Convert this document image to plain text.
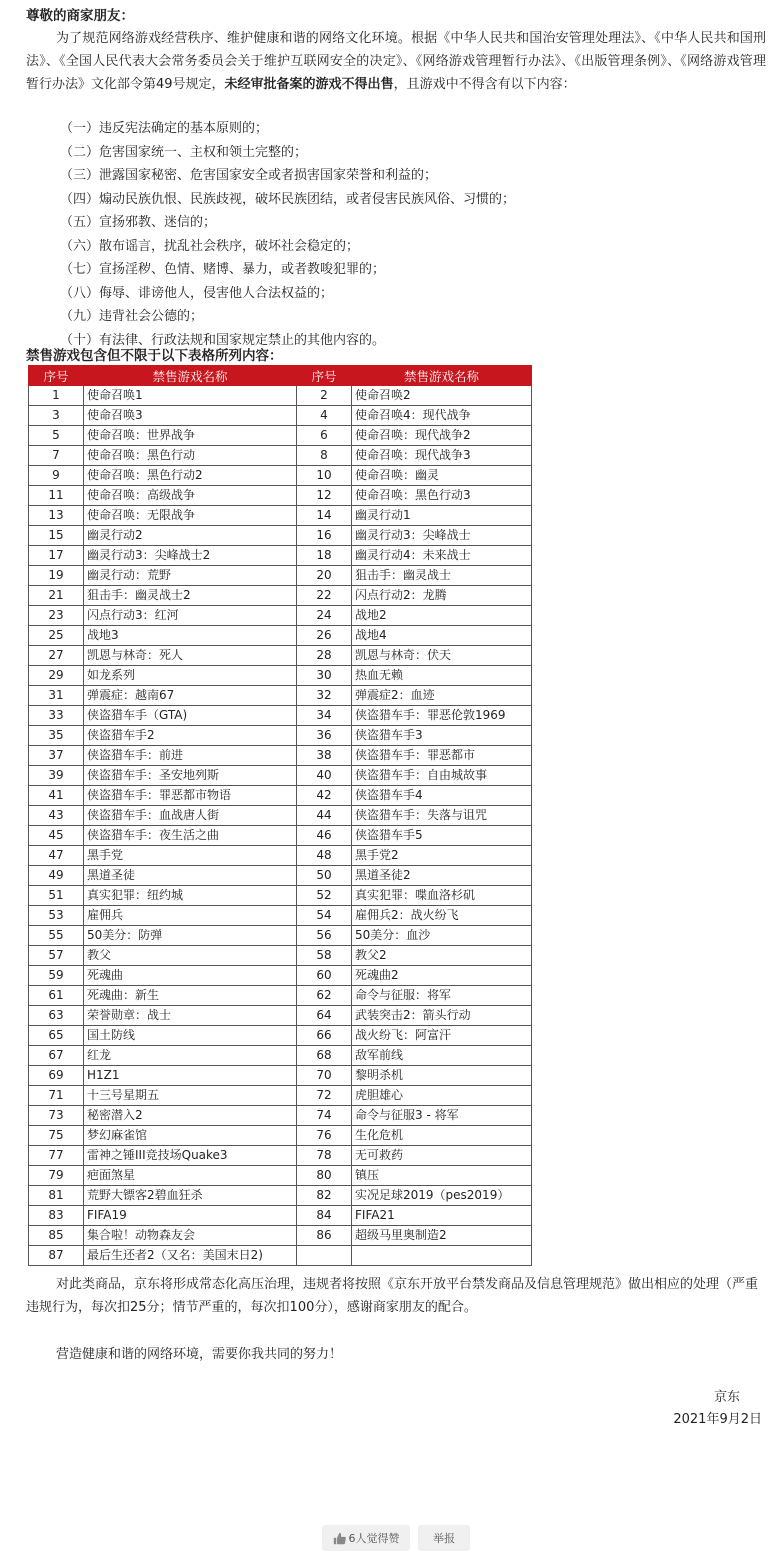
尊敬的商家朋友：
为了规范网络游戏经营秩序、维护健康和谐的网络文化环境。根据《中华人民共和国治安管理处理法》、《中华人民共和国刑法》、《全国人民代表大会常务委员会关于维护互联网安全的决定》、《网络游戏管理暂行办法》、《出版管理条例》、《网络游戏管理暂行办法》文化部令第49号规定，未经审批备案的游戏不得出售，且游戏中不得含有以下内容：
（一）违反宪法确定的基本原则的；
（二）危害国家统一、主权和领土完整的；
（三）泄露国家秘密、危害国家安全或者损害国家荣誉和利益的；
（四）煽动民族仇恨、民族歧视，破坏民族团结，或者侵害民族风俗、习惯的；
（五）宣扬邪教、迷信的；
（六）散布谣言，扰乱社会秩序，破坏社会稳定的；
（七）宣扬淫秽、色情、赌博、暴力，或者教唆犯罪的；
（八）侮辱、诽谤他人，侵害他人合法权益的；
（九）违背社会公德的；
（十）有法律、行政法规和国家规定禁止的其他内容的。
禁售游戏包含但不限于以下表格所列内容：
序号	禁售游戏名称	序号	禁售游戏名称
1	使命召唤1	2	使命召唤2
3	使命召唤3	4	使命召唤4：现代战争
5	使命召唤：世界战争	6	使命召唤：现代战争2
7	使命召唤：黑色行动	8	使命召唤：现代战争3
9	使命召唤：黑色行动2	10	使命召唤：幽灵
11	使命召唤：高级战争	12	使命召唤：黑色行动3
13	使命召唤：无限战争	14	幽灵行动1
15	幽灵行动2	16	幽灵行动3：尖峰战士
17	幽灵行动3：尖峰战士2	18	幽灵行动4：未来战士
19	幽灵行动：荒野	20	狙击手：幽灵战士
21	狙击手：幽灵战士2	22	闪点行动2：龙腾
23	闪点行动3：红河	24	战地2
25	战地3	26	战地4
27	凯恩与林奇：死人	28	凯恩与林奇：伏天
29	如龙系列	30	热血无赖
31	弹震症：越南67	32	弹震症2：血迹
33	侠盗猎车手（GTA)	34	侠盗猎车手：罪恶伦敦1969
35	侠盗猎车手2	36	侠盗猎车手3
37	侠盗猎车手：前进	38	侠盗猎车手：罪恶都市
39	侠盗猎车手：圣安地列斯	40	侠盗猎车手：自由城故事
41	侠盗猎车手：罪恶都市物语	42	侠盗猎车手4
43	侠盗猎车手：血战唐人街	44	侠盗猎车手：失落与诅咒
45	侠盗猎车手：夜生活之曲	46	侠盗猎车手5
47	黑手党	48	黑手党2
49	黑道圣徒	50	黑道圣徒2
51	真实犯罪：纽约城	52	真实犯罪：喋血洛杉矶
53	雇佣兵	54	雇佣兵2：战火纷飞
55	50美分：防弹	56	50美分：血沙
57	教父	58	教父2
59	死魂曲	60	死魂曲2
61	死魂曲：新生	62	命令与征服：将军
63	荣誉勋章：战士	64	武装突击2：箭头行动
65	国土防线	66	战火纷飞：阿富汗
67	红龙	68	敌军前线
69	H1Z1	70	黎明杀机
71	十三号星期五	72	虎胆雄心
73	秘密潜入2	74	命令与征服3 - 将军
75	梦幻麻雀馆	76	生化危机
77	雷神之锤III竞技场Quake3	78	无可救药
79	疤面煞星	80	镇压
81	荒野大镖客2碧血狂杀	82	实况足球2019（pes2019）
83	FIFA19	84	FIFA21
85	集合啦！动物森友会	86	超级马里奥制造2
87	最后生还者2（又名：美国末日2)		
对此类商品，京东将形成常态化高压治理，违规者将按照《京东开放平台禁发商品及信息管理规范》做出相应的处理（严重违规行为，每次扣25分；情节严重的，每次扣100分），感谢商家朋友的配合。
营造健康和谐的网络环境，需要你我共同的努力！
京东
2021年9月2日
6人觉得赞	举报
